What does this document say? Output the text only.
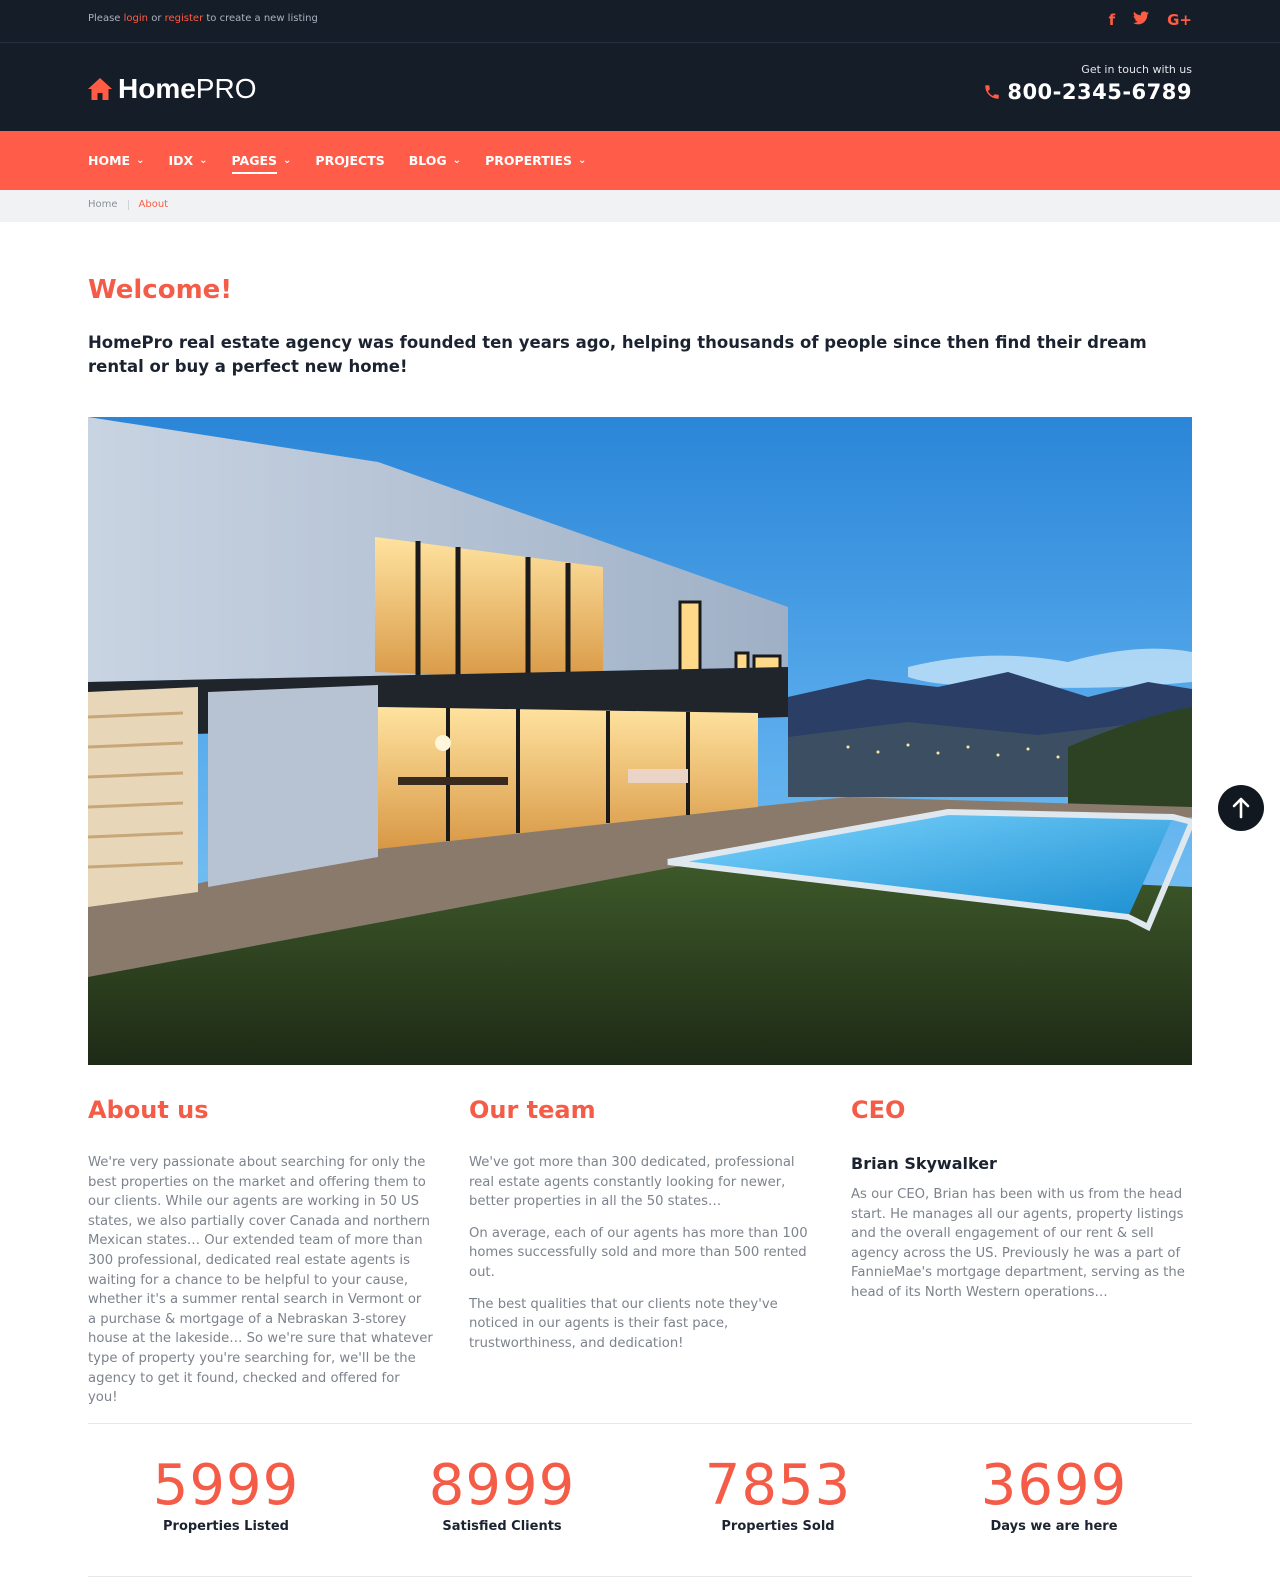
Please login or register to create a new listing	f	G+
HomePRO
Get in touch with us
800-2345-6789
HOME ⌄ IDX ⌄ PAGES ⌄ PROJECTS BLOG ⌄ PROPERTIES ⌄
Home About
Welcome!

HomePro real estate agency was founded ten years ago, helping thousands of people since then find their dream rental or buy a perfect new home!

About us

We're very passionate about searching for only the best properties on the market and offering them to our clients. While our agents are working in 50 US states, we also partially cover Canada and northern Mexican states… Our extended team of more than 300 professional, dedicated real estate agents is waiting for a chance to be helpful to your cause, whether it's a summer rental search in Vermont or a purchase & mortgage of a Nebraskan 3-storey house at the lakeside… So we're sure that whatever type of property you're searching for, we'll be the agency to get it found, checked and offered for you!

Our team

We've got more than 300 dedicated, professional real estate agents constantly looking for newer, better properties in all the 50 states…

On average, each of our agents has more than 100 homes successfully sold and more than 500 rented out.

The best qualities that our clients note they've noticed in our agents is their fast pace, trustworthiness, and dedication!

CEO
Brian Skywalker

As our CEO, Brian has been with us from the head start. He manages all our agents, property listings and the overall engagement of our rent & sell agency across the US. Previously he was a part of FannieMae's mortgage department, serving as the head of its North Western operations…

5999
Properties Listed
8999
Satisfied Clients
7853
Properties Sold
3699
Days we are here
